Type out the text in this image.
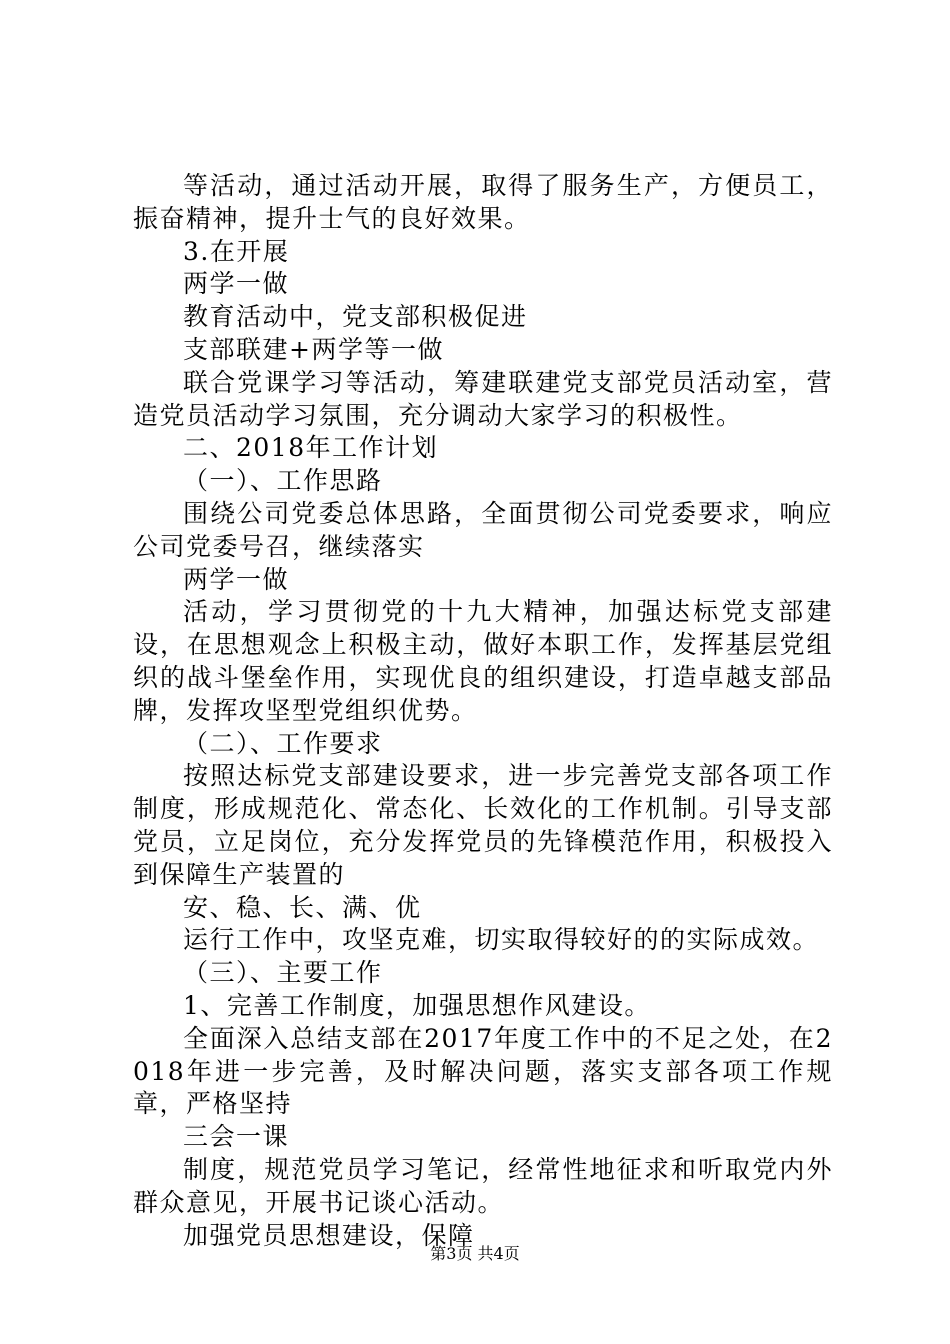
等活动，通过活动开展，取得了服务生产，方便员工，振奋精神，提升士气的良好效果。

3.在开展

两学一做

教育活动中，党支部积极促进

支部联建+两学等一做

联合党课学习等活动，筹建联建党支部党员活动室，营造党员活动学习氛围，充分调动大家学习的积极性。

二、2018年工作计划

（一）、工作思路

围绕公司党委总体思路，全面贯彻公司党委要求，响应公司党委号召，继续落实

两学一做

活动，学习贯彻党的十九大精神，加强达标党支部建设，在思想观念上积极主动，做好本职工作，发挥基层党组织的战斗堡垒作用，实现优良的组织建设，打造卓越支部品牌，发挥攻坚型党组织优势。

（二）、工作要求

按照达标党支部建设要求，进一步完善党支部各项工作制度，形成规范化、常态化、长效化的工作机制。引导支部党员，立足岗位，充分发挥党员的先锋模范作用，积极投入到保障生产装置的

安、稳、长、满、优

运行工作中，攻坚克难，切实取得较好的的实际成效。

（三）、主要工作

1、完善工作制度，加强思想作风建设。

全面深入总结支部在2017年度工作中的不足之处，在2018年进一步完善，及时解决问题，落实支部各项工作规章，严格坚持

三会一课

制度，规范党员学习笔记，经常性地征求和听取党内外群众意见，开展书记谈心活动。

加强党员思想建设，保障

第3页 共4页
